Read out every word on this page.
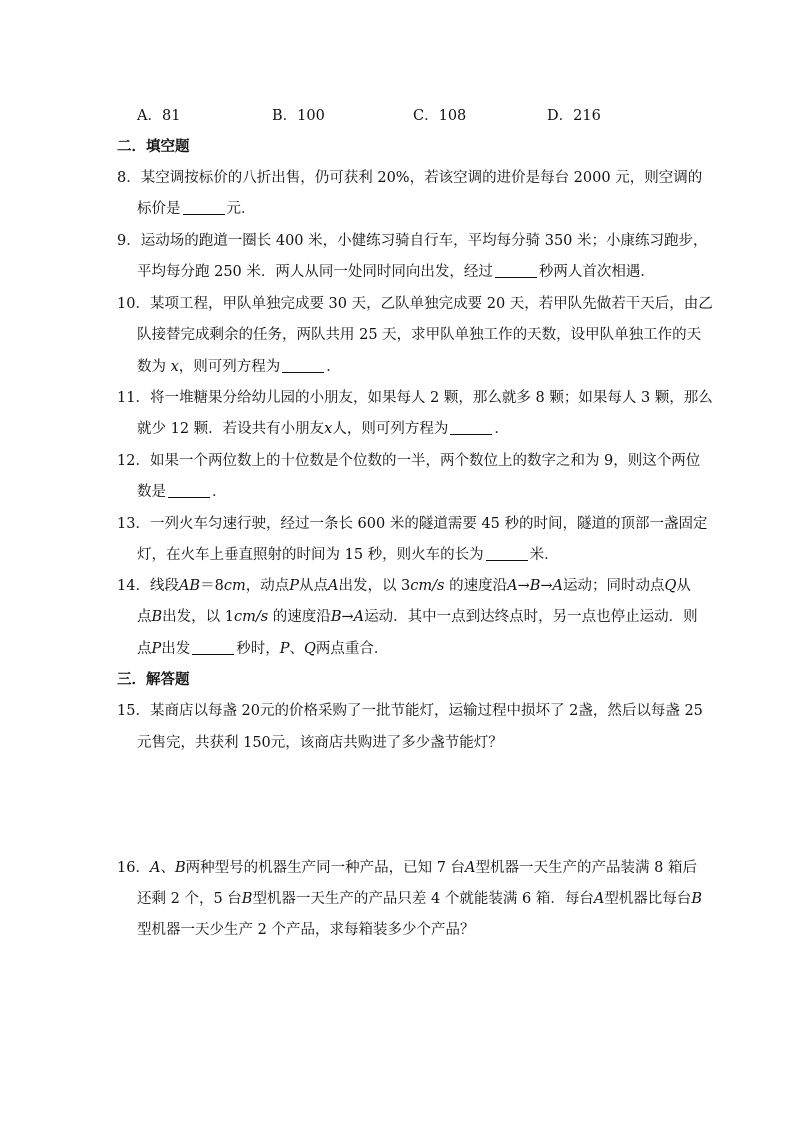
A．81	B．100	C．108	D．216
二．填空题
8．某空调按标价的八折出售，仍可获利 20%，若该空调的进价是每台 2000 元，则空调的
标价是	元．
9．运动场的跑道一圈长 400 米，小健练习骑自行车，平均每分骑 350 米；小康练习跑步，
平均每分跑 250 米．两人从同一处同时同向出发，经过	秒两人首次相遇．
10．某项工程，甲队单独完成要 30 天，乙队单独完成要 20 天，若甲队先做若干天后，由乙
队接替完成剩余的任务，两队共用 25 天，求甲队单独工作的天数，设甲队单独工作的天
数为 x，则可列方程为	．
11．将一堆糖果分给幼儿园的小朋友，如果每人 2 颗，那么就多 8 颗；如果每人 3 颗，那么
就少 12 颗．若设共有小朋友x人，则可列方程为	．
12．如果一个两位数上的十位数是个位数的一半，两个数位上的数字之和为 9，则这个两位
数是	．
13．一列火车匀速行驶，经过一条长 600 米的隧道需要 45 秒的时间，隧道的顶部一盏固定
灯，在火车上垂直照射的时间为 15 秒，则火车的长为	米．
14．线段AB＝8cm，动点P从点A出发，以 3cm/s 的速度沿A→B→A运动；同时动点Q从
点B出发，以 1cm/s 的速度沿B→A运动．其中一点到达终点时，另一点也停止运动．则
点P出发	秒时，P、Q两点重合．
三．解答题
15．某商店以每盏 20元的价格采购了一批节能灯，运输过程中损坏了 2盏，然后以每盏 25
元售完，共获利 150元，该商店共购进了多少盏节能灯？
16．A、B两种型号的机器生产同一种产品，已知 7 台A型机器一天生产的产品装满 8 箱后
还剩 2 个，5 台B型机器一天生产的产品只差 4 个就能装满 6 箱．每台A型机器比每台B
型机器一天少生产 2 个产品，求每箱装多少个产品？
